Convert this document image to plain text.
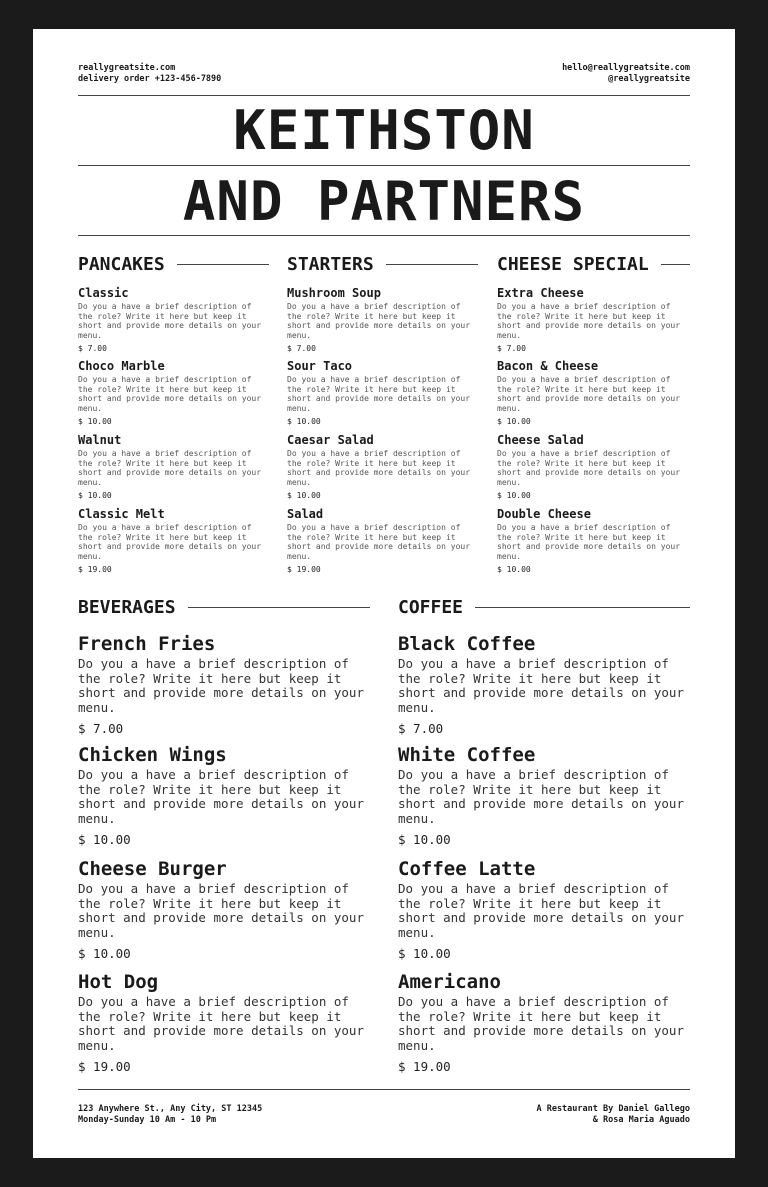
reallygreatsite.com
delivery order +123-456-7890
hello@reallygreatsite.com
@reallygreatsite
KEITHSTON
AND PARTNERS
PANCAKES	STARTERS	CHEESE SPECIAL
Classic
Do you a have a brief description of the role? Write it here but keep it short and provide more details on your menu.
$ 7.00
Choco Marble
Do you a have a brief description of the role? Write it here but keep it short and provide more details on your menu.
$ 10.00
Walnut
Do you a have a brief description of the role? Write it here but keep it short and provide more details on your menu.
$ 10.00
Classic Melt
Do you a have a brief description of the role? Write it here but keep it short and provide more details on your menu.
$ 19.00
Mushroom Soup
Do you a have a brief description of the role? Write it here but keep it short and provide more details on your menu.
$ 7.00
Sour Taco
Do you a have a brief description of the role? Write it here but keep it short and provide more details on your menu.
$ 10.00
Caesar Salad
Do you a have a brief description of the role? Write it here but keep it short and provide more details on your menu.
$ 10.00
Salad
Do you a have a brief description of the role? Write it here but keep it short and provide more details on your menu.
$ 19.00
Extra Cheese
Do you a have a brief description of the role? Write it here but keep it short and provide more details on your menu.
$ 7.00
Bacon & Cheese
Do you a have a brief description of the role? Write it here but keep it short and provide more details on your menu.
$ 10.00
Cheese Salad
Do you a have a brief description of the role? Write it here but keep it short and provide more details on your menu.
$ 10.00
Double Cheese
Do you a have a brief description of the role? Write it here but keep it short and provide more details on your menu.
$ 10.00
BEVERAGES	COFFEE
French Fries
Do you a have a brief description of the role? Write it here but keep it short and provide more details on your menu.
$ 7.00
Chicken Wings
Do you a have a brief description of the role? Write it here but keep it short and provide more details on your menu.
$ 10.00
Cheese Burger
Do you a have a brief description of the role? Write it here but keep it short and provide more details on your menu.
$ 10.00
Hot Dog
Do you a have a brief description of the role? Write it here but keep it short and provide more details on your menu.
$ 19.00
Black Coffee
Do you a have a brief description of the role? Write it here but keep it short and provide more details on your menu.
$ 7.00
White Coffee
Do you a have a brief description of the role? Write it here but keep it short and provide more details on your menu.
$ 10.00
Coffee Latte
Do you a have a brief description of the role? Write it here but keep it short and provide more details on your menu.
$ 10.00
Americano
Do you a have a brief description of the role? Write it here but keep it short and provide more details on your menu.
$ 19.00
123 Anywhere St., Any City, ST 12345
Monday-Sunday 10 Am - 10 Pm
A Restaurant By Daniel Gallego
& Rosa Maria Aguado
